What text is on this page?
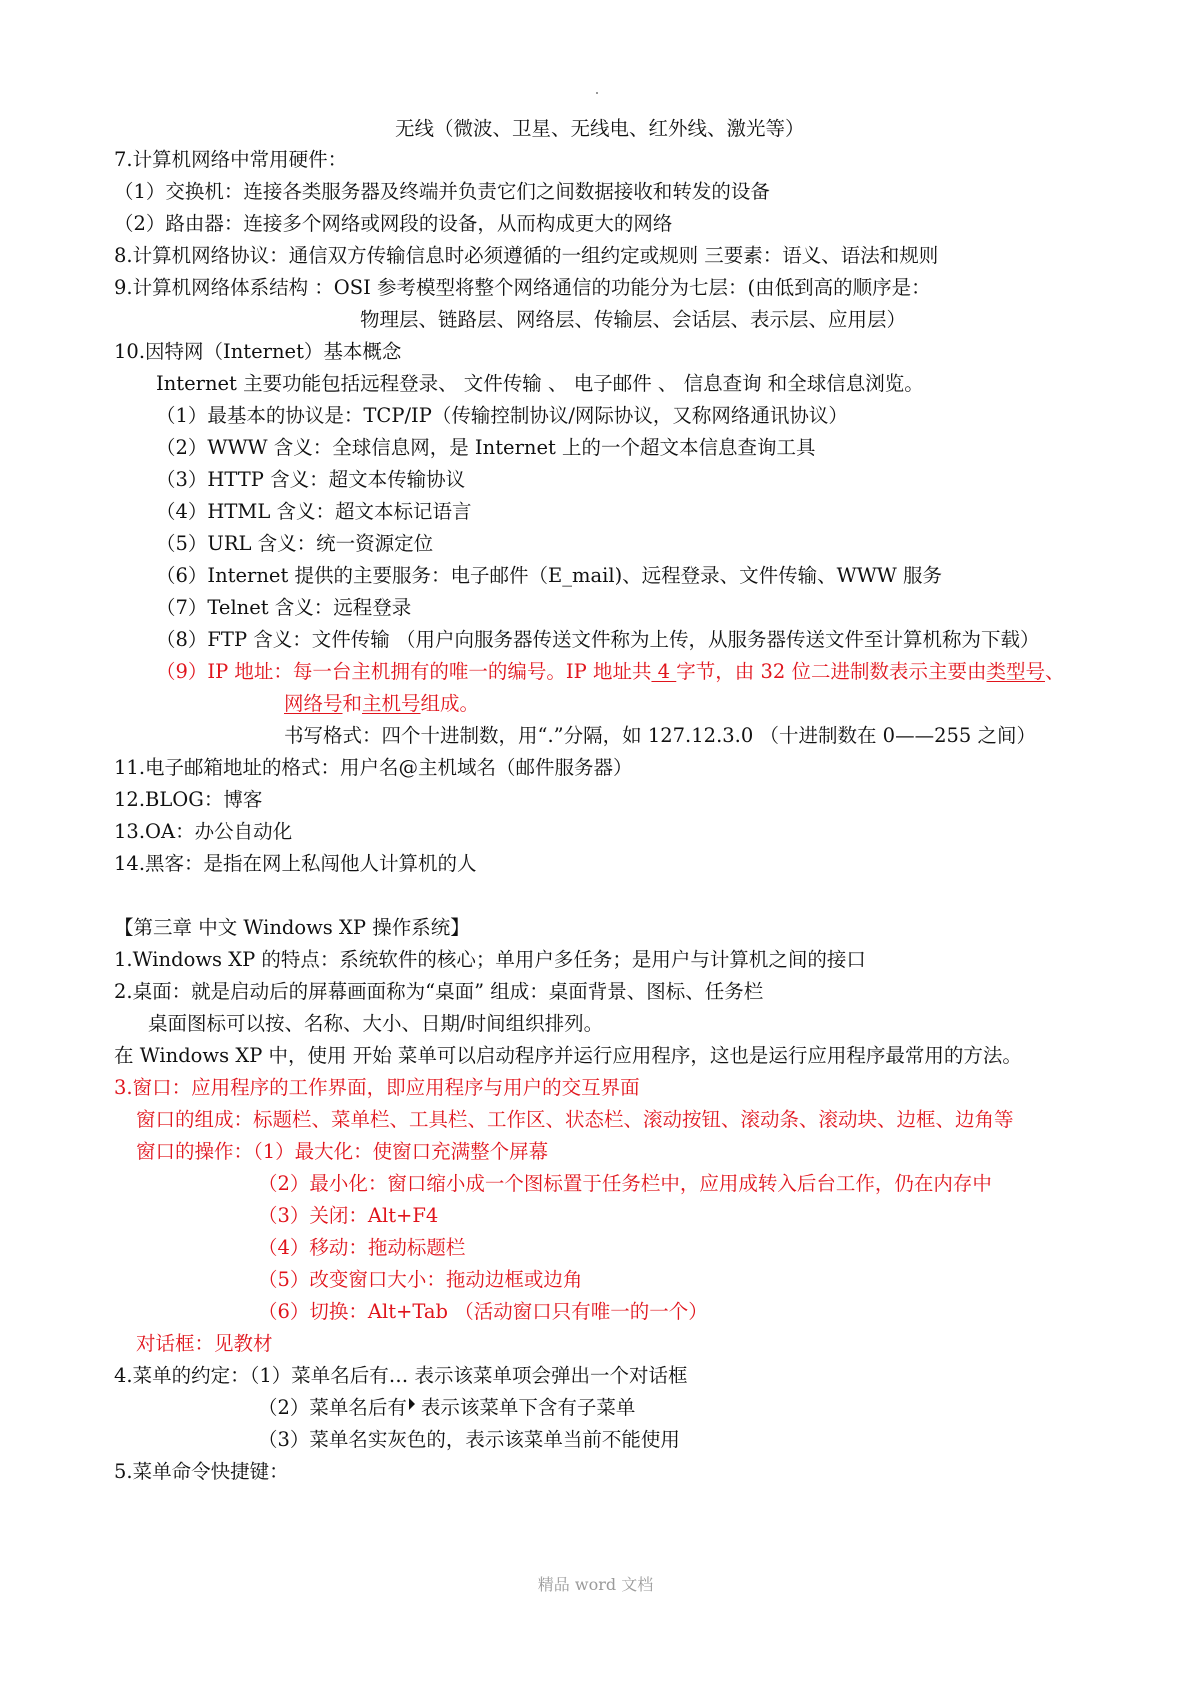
无线（微波、卫星、无线电、红外线、激光等）
7.计算机网络中常用硬件：
（1）交换机：连接各类服务器及终端并负责它们之间数据接收和转发的设备
（2）路由器：连接多个网络或网段的设备，从而构成更大的网络
8.计算机网络协议：通信双方传输信息时必须遵循的一组约定或规则 三要素：语义、语法和规则
9.计算机网络体系结构 ：OSI 参考模型将整个网络通信的功能分为七层：(由低到高的顺序是：
物理层、链路层、网络层、传输层、会话层、表示层、应用层）
10.因特网（Internet）基本概念
Internet 主要功能包括远程登录、 文件传输 、 电子邮件 、 信息查询 和全球信息浏览。
（1）最基本的协议是：TCP/IP（传输控制协议/网际协议，又称网络通讯协议）
（2）WWW 含义：全球信息网，是 Internet 上的一个超文本信息查询工具
（3）HTTP 含义：超文本传输协议
（4）HTML 含义：超文本标记语言
（5）URL 含义：统一资源定位
（6）Internet 提供的主要服务：电子邮件（E_mail)、远程登录、文件传输、WWW 服务
（7）Telnet 含义：远程登录
（8）FTP 含义：文件传输 （用户向服务器传送文件称为上传，从服务器传送文件至计算机称为下载）
（9）IP 地址：每一台主机拥有的唯一的编号。IP 地址共 4 字节，由 32 位二进制数表示主要由类型号、
网络号和主机号组成。
书写格式：四个十进制数，用“.”分隔，如 127.12.3.0 （十进制数在 0——255 之间）
11.电子邮箱地址的格式：用户名@主机域名（邮件服务器）
12.BLOG：博客
13.OA：办公自动化
14.黑客：是指在网上私闯他人计算机的人
【第三章 中文 Windows XP 操作系统】
1.Windows XP 的特点：系统软件的核心；单用户多任务；是用户与计算机之间的接口
2.桌面：就是启动后的屏幕画面称为“桌面” 组成：桌面背景、图标、任务栏
桌面图标可以按、名称、大小、日期/时间组织排列。
在 Windows XP 中，使用 开始 菜单可以启动程序并运行应用程序，这也是运行应用程序最常用的方法。
3.窗口：应用程序的工作界面，即应用程序与用户的交互界面
窗口的组成：标题栏、菜单栏、工具栏、工作区、状态栏、滚动按钮、滚动条、滚动块、边框、边角等
窗口的操作：（1）最大化：使窗口充满整个屏幕
（2）最小化：窗口缩小成一个图标置于任务栏中，应用成转入后台工作，仍在内存中
（3）关闭：Alt+F4
（4）移动：拖动标题栏
（5）改变窗口大小：拖动边框或边角
（6）切换：Alt+Tab （活动窗口只有唯一的一个）
对话框：见教材
4.菜单的约定：（1）菜单名后有… 表示该菜单项会弹出一个对话框
（2）菜单名后有 表示该菜单下含有子菜单
（3）菜单名实灰色的，表示该菜单当前不能使用
5.菜单命令快捷键：
精品 word 文档
